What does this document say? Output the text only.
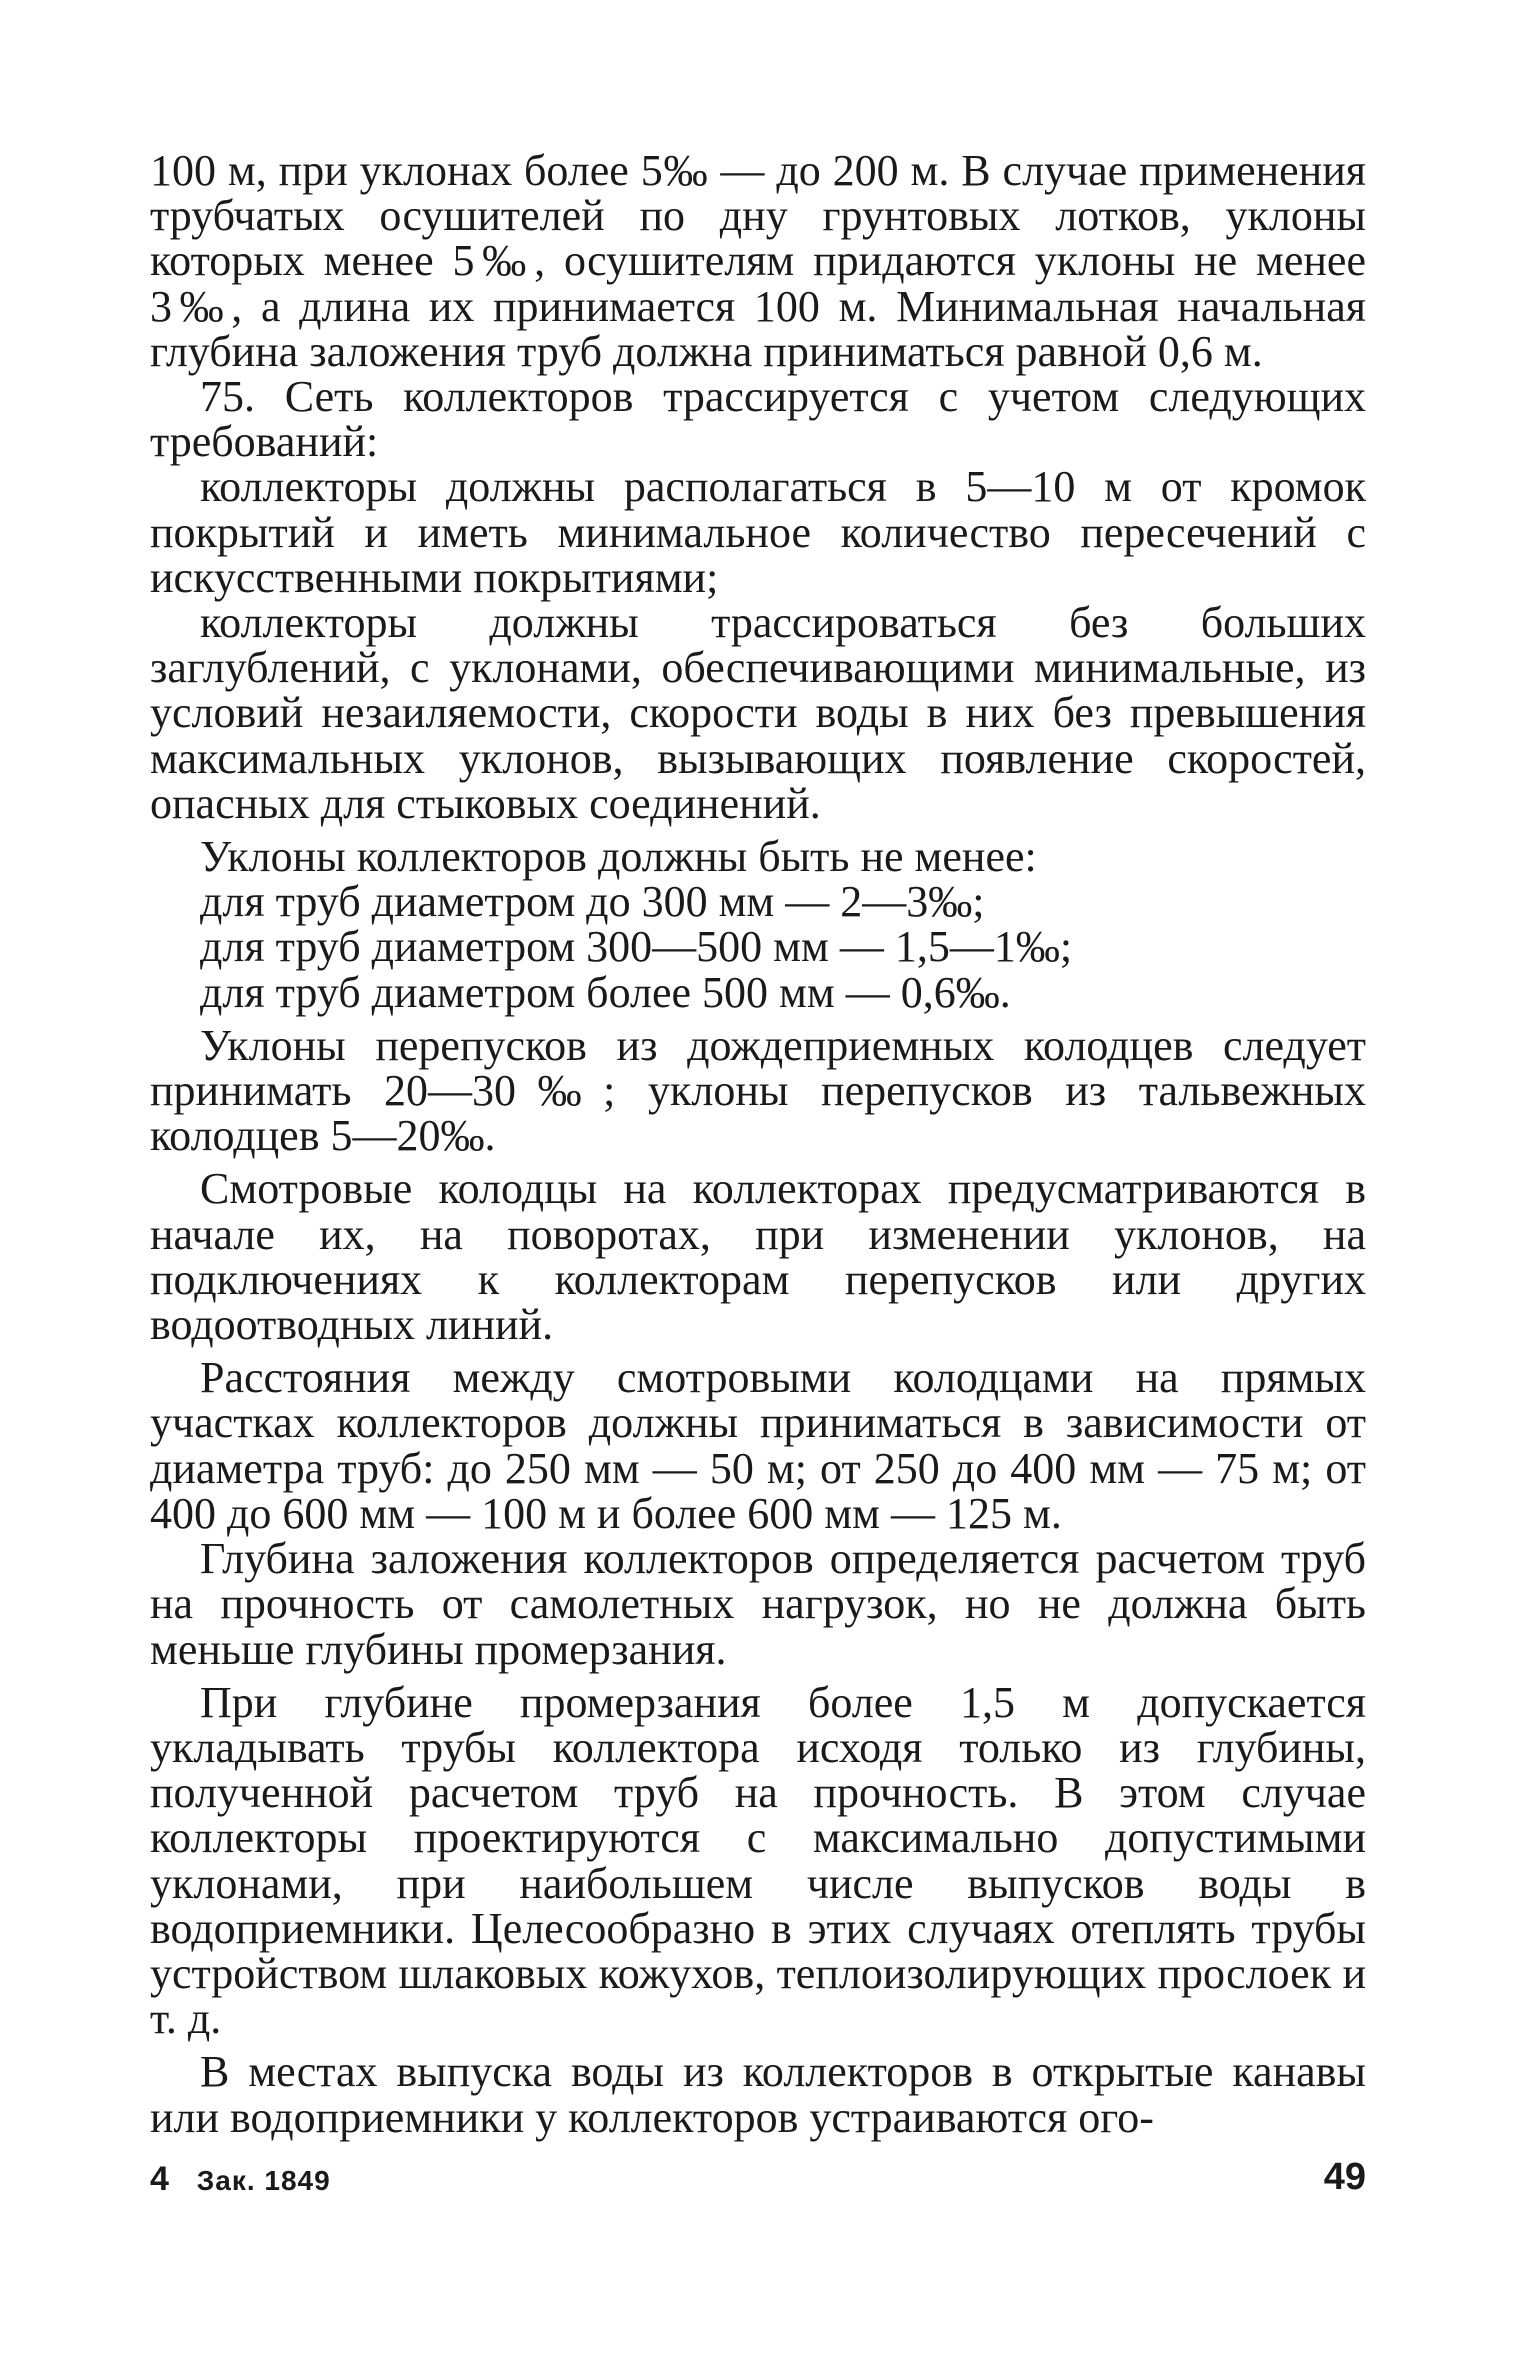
100 м, при уклонах более 5‰ — до 200 м. В случае применения трубчатых осушителей по дну грунтовых лотков, уклоны которых менее 5‰, осушителям придаются уклоны не менее 3‰, а длина их принимается 100 м. Минимальная начальная глубина заложения труб должна приниматься равной 0,6 м.

75. Сеть коллекторов трассируется с учетом следующих требований:

коллекторы должны располагаться в 5—10 м от кромок покрытий и иметь минимальное количество пересечений с искусственными покрытиями;

коллекторы должны трассироваться без больших заглублений, с уклонами, обеспечивающими минимальные, из условий незаиляемости, скорости воды в них без превышения максимальных уклонов, вызывающих появление скоростей, опасных для стыковых соединений.

Уклоны коллекторов должны быть не менее:

для труб диаметром до 300 мм — 2—3‰;

для труб диаметром 300—500 мм — 1,5—1‰;

для труб диаметром более 500 мм — 0,6‰.

Уклоны перепусков из дождеприемных колодцев следует принимать 20—30‰; уклоны перепусков из тальвежных колодцев 5—20‰.

Смотровые колодцы на коллекторах предусматриваются в начале их, на поворотах, при изменении уклонов, на подключениях к коллекторам перепусков или других водоотводных линий.

Расстояния между смотровыми колодцами на прямых участках коллекторов должны приниматься в зависимости от диаметра труб: до 250 мм — 50 м; от 250 до 400 мм — 75 м; от 400 до 600 мм — 100 м и более 600 мм — 125 м.

Глубина заложения коллекторов определяется расчетом труб на прочность от самолетных нагрузок, но не должна быть меньше глубины промерзания.

При глубине промерзания более 1,5 м допускается укладывать трубы коллектора исходя только из глубины, полученной расчетом труб на прочность. В этом случае коллекторы проектируются с максимально допустимыми уклонами, при наибольшем числе выпусков воды в водоприемники. Целесообразно в этих случаях отеплять трубы устройством шлаковых кожухов, теплоизолирующих прослоек и т. д.

В местах выпуска воды из коллекторов в открытые канавы или водоприемники у коллекторов устраиваются ого-

4 Зак. 1849	49
